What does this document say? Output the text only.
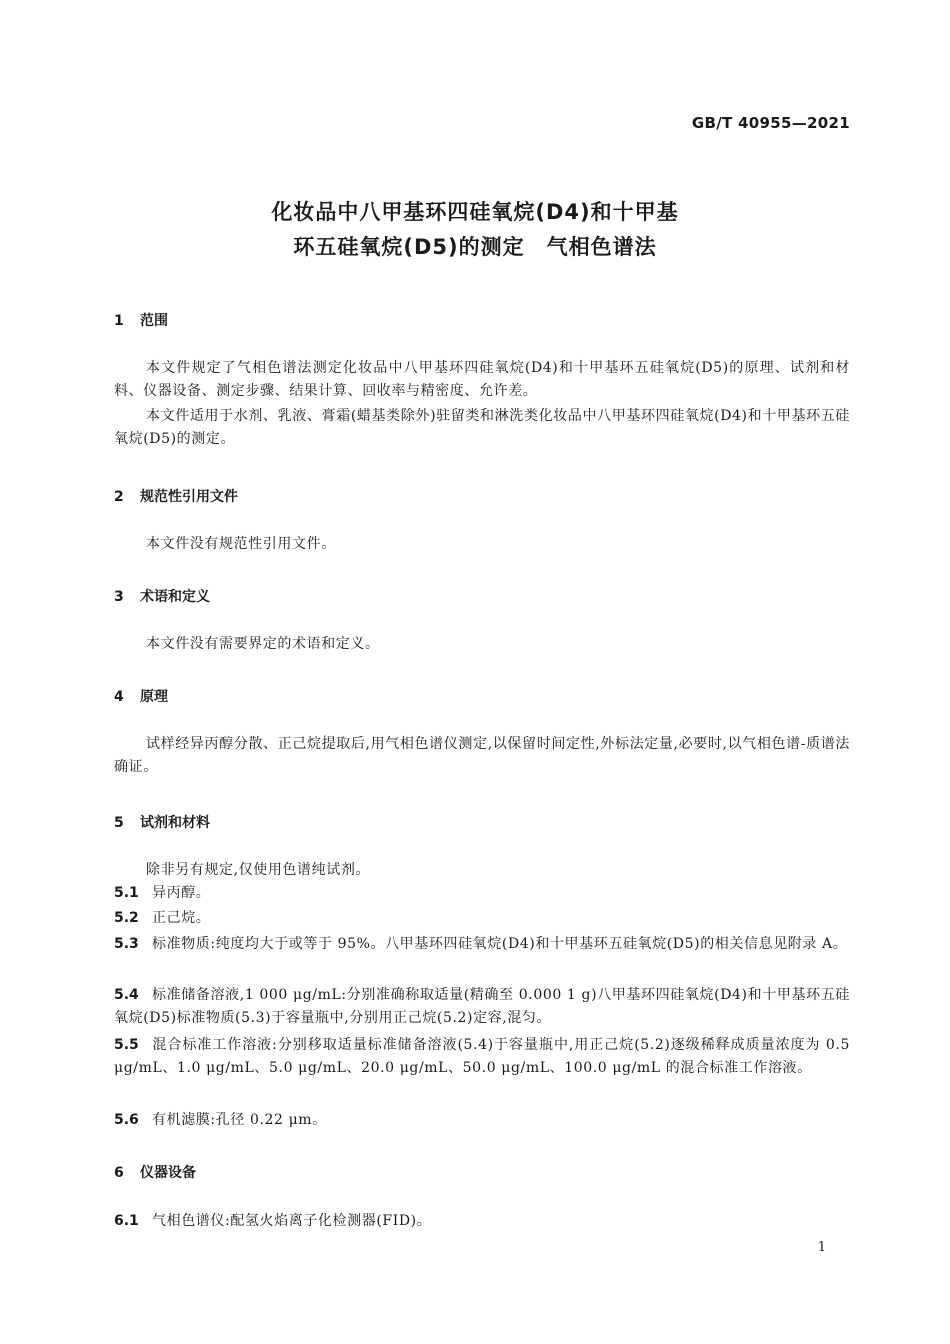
GB/T 40955—2021
化妆品中八甲基环四硅氧烷(D4)和十甲基
环五硅氧烷(D5)的测定　气相色谱法
1 范围

本文件规定了气相色谱法测定化妆品中八甲基环四硅氧烷(D4)和十甲基环五硅氧烷(D5)的原理、试剂和材料、仪器设备、测定步骤、结果计算、回收率与精密度、允许差。

本文件适用于水剂、乳液、膏霜(蜡基类除外)驻留类和淋洗类化妆品中八甲基环四硅氧烷(D4)和十甲基环五硅氧烷(D5)的测定。

2 规范性引用文件

本文件没有规范性引用文件。

3 术语和定义

本文件没有需要界定的术语和定义。

4 原理

试样经异丙醇分散、正己烷提取后,用气相色谱仪测定,以保留时间定性,外标法定量,必要时,以气相色谱-质谱法确证。

5 试剂和材料

除非另有规定,仅使用色谱纯试剂。

5.1 异丙醇。

5.2 正己烷。

5.3 标准物质:纯度均大于或等于 95%。八甲基环四硅氧烷(D4)和十甲基环五硅氧烷(D5)的相关信息见附录 A。

5.4 标准储备溶液,1 000 μg/mL:分别准确称取适量(精确至 0.000 1 g)八甲基环四硅氧烷(D4)和十甲基环五硅氧烷(D5)标准物质(5.3)于容量瓶中,分别用正己烷(5.2)定容,混匀。

5.5 混合标准工作溶液:分别移取适量标准储备溶液(5.4)于容量瓶中,用正己烷(5.2)逐级稀释成质量浓度为 0.5 μg/mL、1.0 μg/mL、5.0 μg/mL、20.0 μg/mL、50.0 μg/mL、100.0 μg/mL 的混合标准工作溶液。

5.6 有机滤膜:孔径 0.22 μm。

6 仪器设备

6.1 气相色谱仪:配氢火焰离子化检测器(FID)。

1
